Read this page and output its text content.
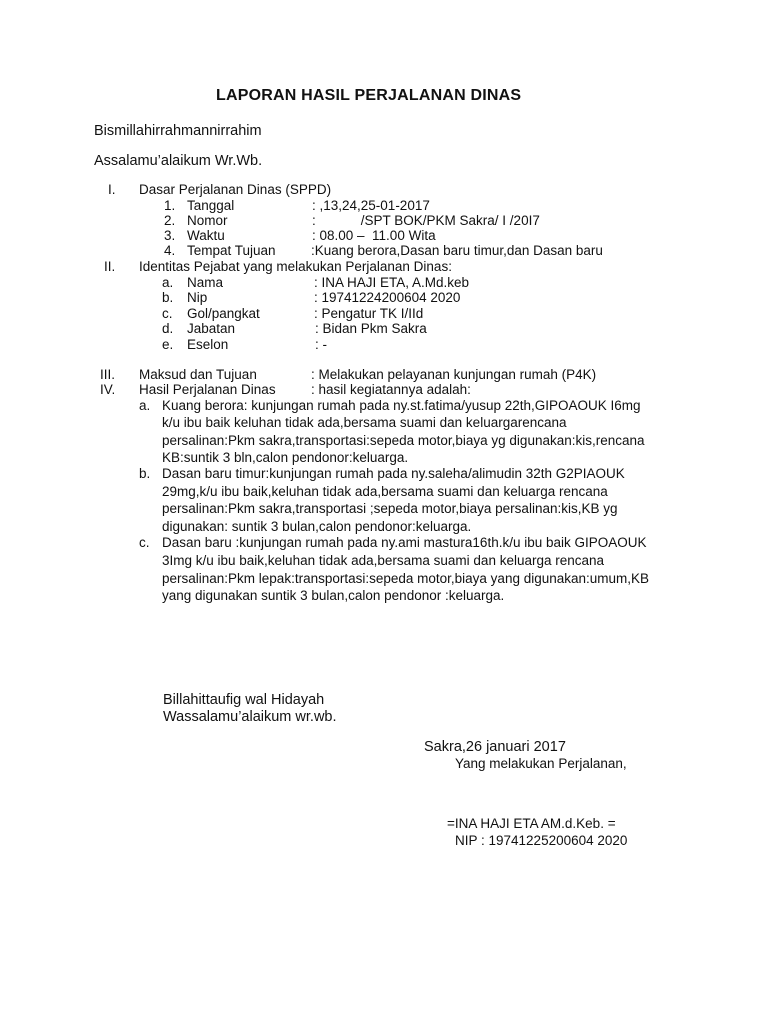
LAPORAN HASIL PERJALANAN DINAS
Bismillahirrahmannirrahim
Assalamu’alaikum Wr.Wb.
I. Dasar Perjalanan Dinas (SPPD)
1. Tanggal	: ,13,24,25-01-2017
2. Nomor	:            /SPT BOK/PKM Sakra/ I /20I7
3. Waktu	: 08.00 –  11.00 Wita
4. Tempat Tujuan	:Kuang berora,Dasan baru timur,dan Dasan baru
II. Identitas Pejabat yang melakukan Perjalanan Dinas:
a. Nama	: INA HAJI ETA, A.Md.keb
b. Nip	: 19741224200604 2020
c. Gol/pangkat	: Pengatur TK I/IId
d. Jabatan	: Bidan Pkm Sakra
e. Eselon	: -
III. Maksud dan Tujuan	: Melakukan pelayanan kunjungan rumah (P4K)
IV. Hasil Perjalanan Dinas	: hasil kegiatannya adalah:
a. Kuang berora: kunjungan rumah pada ny.st.fatima/yusup 22th,GIPOAOUK I6mg
k/u ibu baik keluhan tidak ada,bersama suami dan keluargarencana
persalinan:Pkm sakra,transportasi:sepeda motor,biaya yg digunakan:kis,rencana
KB:suntik 3 bln,calon pendonor:keluarga.
b. Dasan baru timur:kunjungan rumah pada ny.saleha/alimudin 32th G2PIAOUK
29mg,k/u ibu baik,keluhan tidak ada,bersama suami dan keluarga rencana
persalinan:Pkm sakra,transportasi ;sepeda motor,biaya persalinan:kis,KB yg
digunakan: suntik 3 bulan,calon pendonor:keluarga.
c. Dasan baru :kunjungan rumah pada ny.ami mastura16th.k/u ibu baik GIPOAOUK
3Img k/u ibu baik,keluhan tidak ada,bersama suami dan keluarga rencana
persalinan:Pkm lepak:transportasi:sepeda motor,biaya yang digunakan:umum,KB
yang digunakan suntik 3 bulan,calon pendonor :keluarga.
Billahittaufig wal Hidayah
Wassalamu’alaikum wr.wb.
Sakra,26 januari 2017
Yang melakukan Perjalanan,
=INA HAJI ETA AM.d.Keb. =
NIP : 19741225200604 2020
